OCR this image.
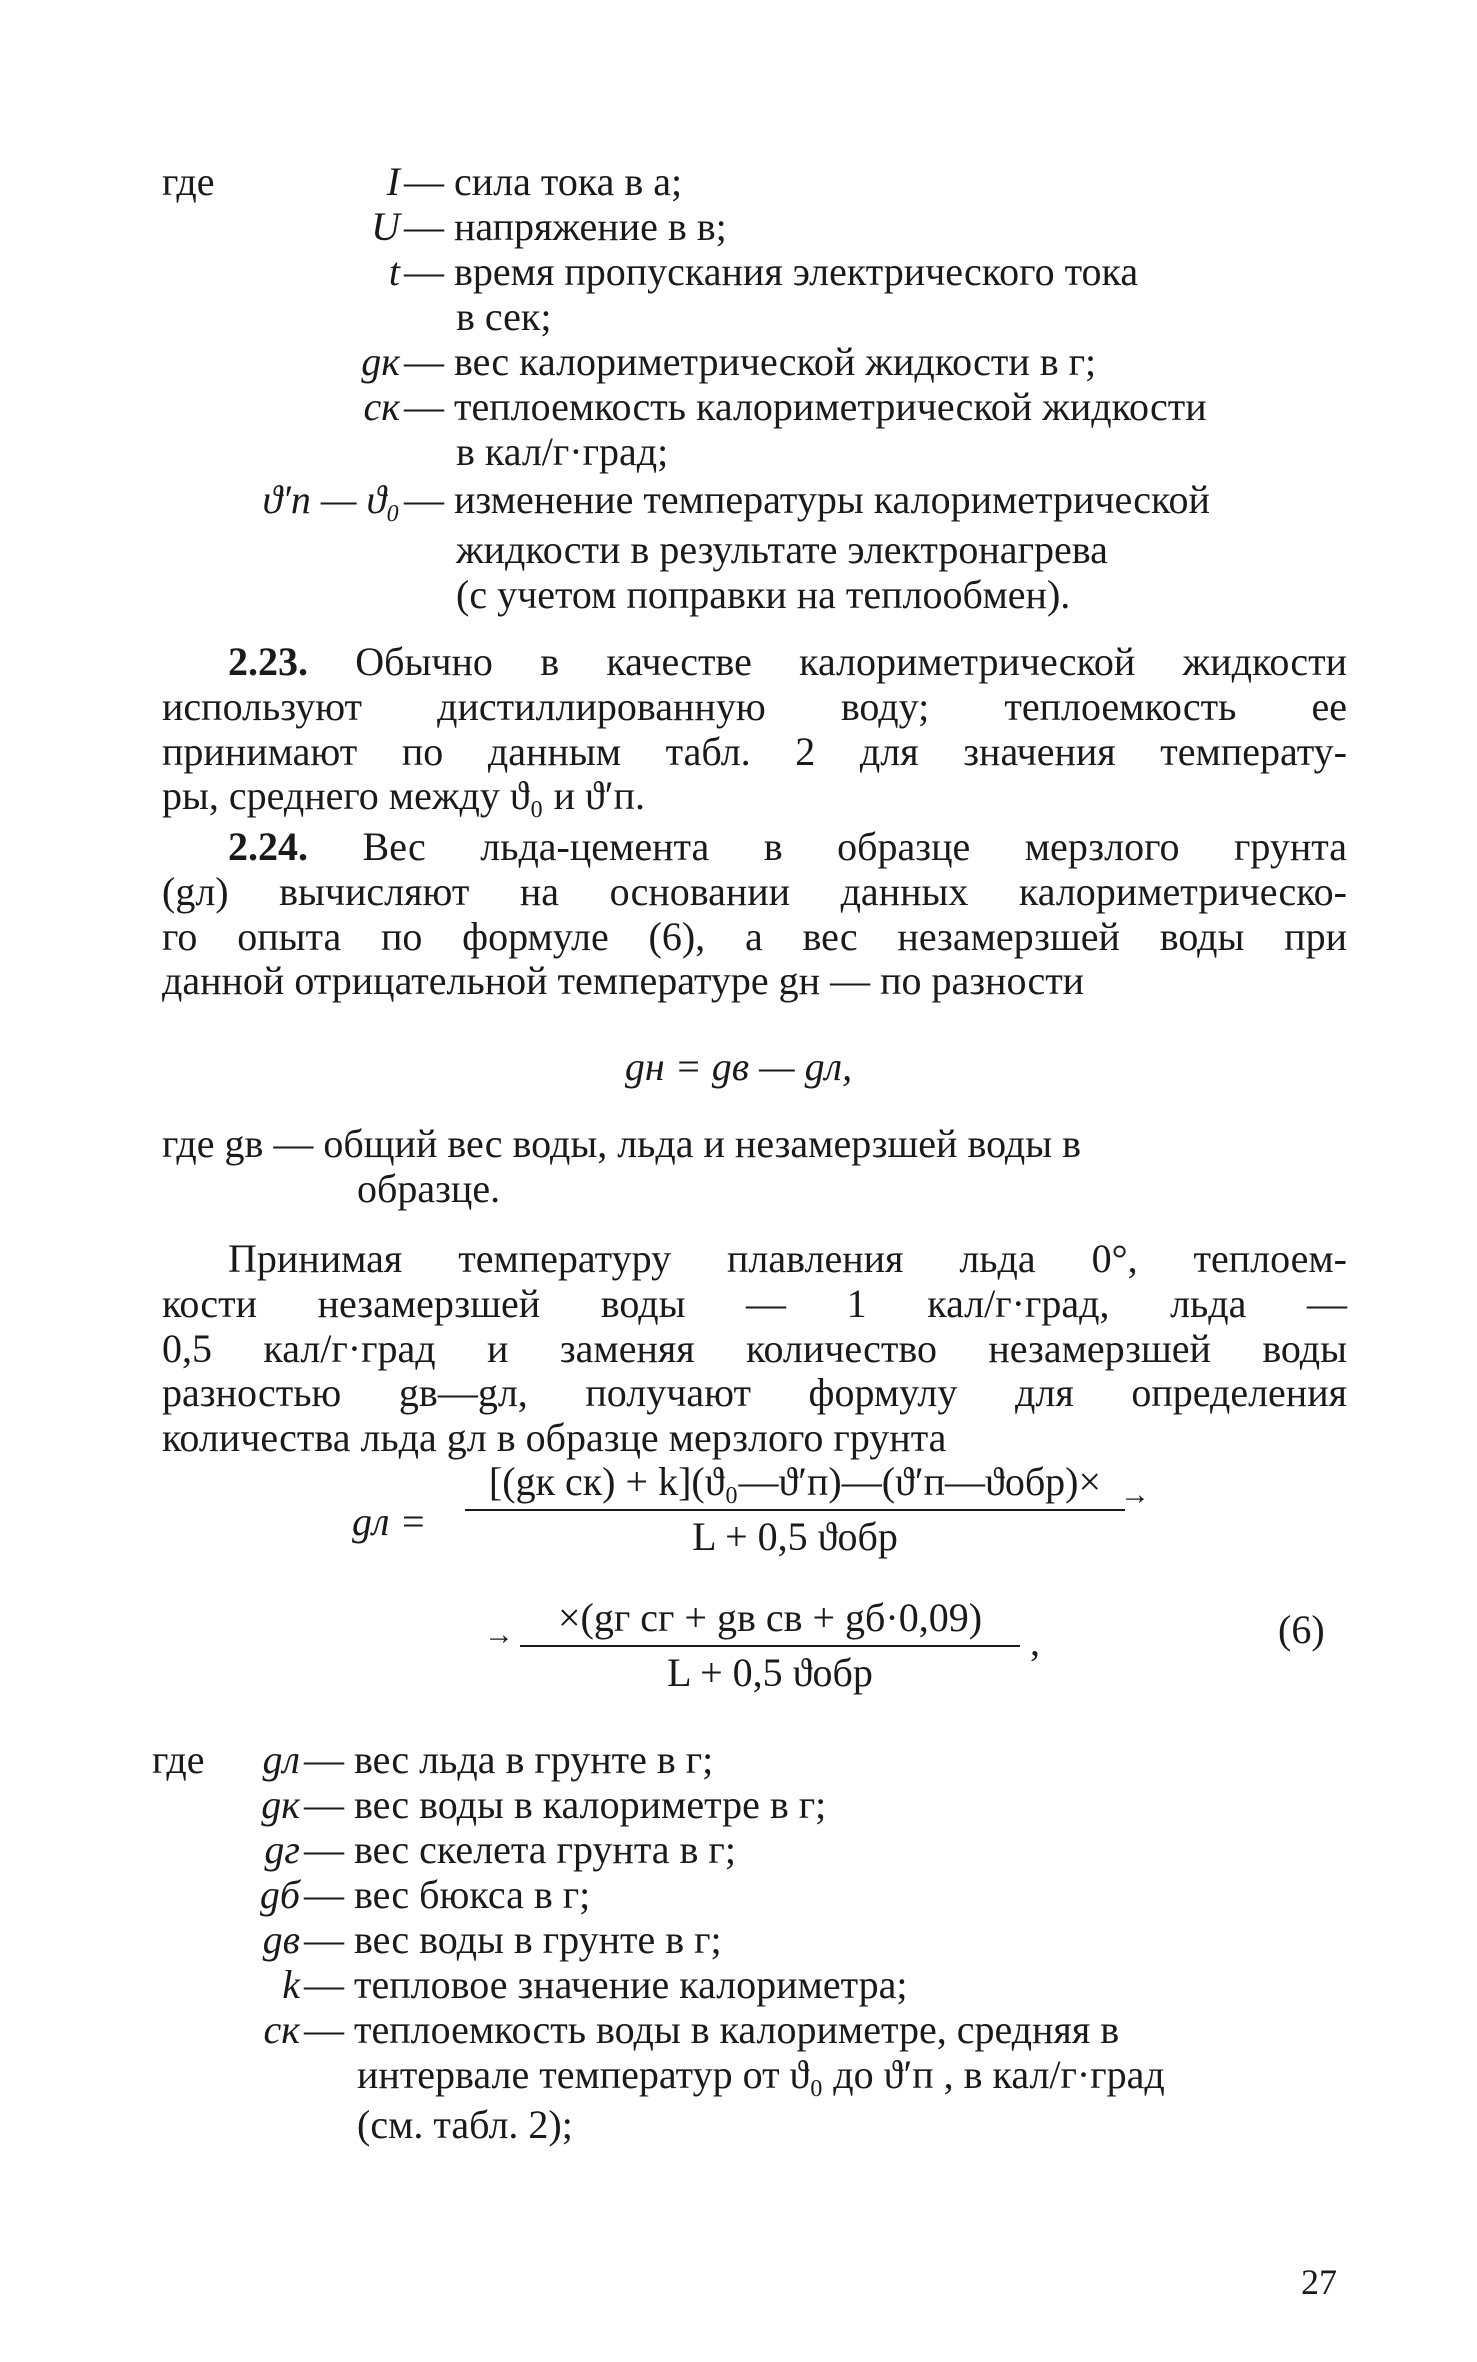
где	I — сила тока в а;
U — напряжение в в;
t — время пропускания электрического тока
в сек;
gк — вес калориметрической жидкости в г;
cк — теплоемкость калориметрической жидкости
в кал/г·град;
ϑ′п — ϑ₀ — изменение температуры калориметрической
жидкости в результате электронагрева
(с учетом поправки на теплообмен).

2.23. Обычно в качестве калориметрической жидкости

используют дистиллированную воду; теплоемкость ее

принимают по данным табл. 2 для значения температу-

ры, среднего между ϑ₀ и ϑ′п.

2.24. Вес льда-цемента в образце мерзлого грунта

(gл) вычисляют на основании данных калориметрическо-

го опыта по формуле (6), а вес незамерзшей воды при

данной отрицательной температуре gн — по разности

gн = gв — gл,
где gв — общий вес воды, льда и незамерзшей воды в
образце.

Принимая температуру плавления льда 0°, теплоем-

кости незамерзшей воды — 1 кал/г·град, льда —

0,5 кал/г·град и заменяя количество незамерзшей воды

разностью gв—gл, получают формулу для определения

количества льда gл в образце мерзлого грунта

gл =
[(gк cк) + k](ϑ₀—ϑ′п)—(ϑ′п—ϑобр)×
L + 0,5 ϑобр
→
→	×(gг cг + gв cв + gб·0,09)
L + 0,5 ϑобр
,	(6)
где	gл — вес льда в грунте в г;
gк — вес воды в калориметре в г;
gг — вес скелета грунта в г;
gб — вес бюкса в г;
gв — вес воды в грунте в г;
k — тепловое значение калориметра;
cк — теплоемкость воды в калориметре, средняя в
интервале температур от ϑ₀ до ϑ′п , в кал/г·град
(см. табл. 2);
27
